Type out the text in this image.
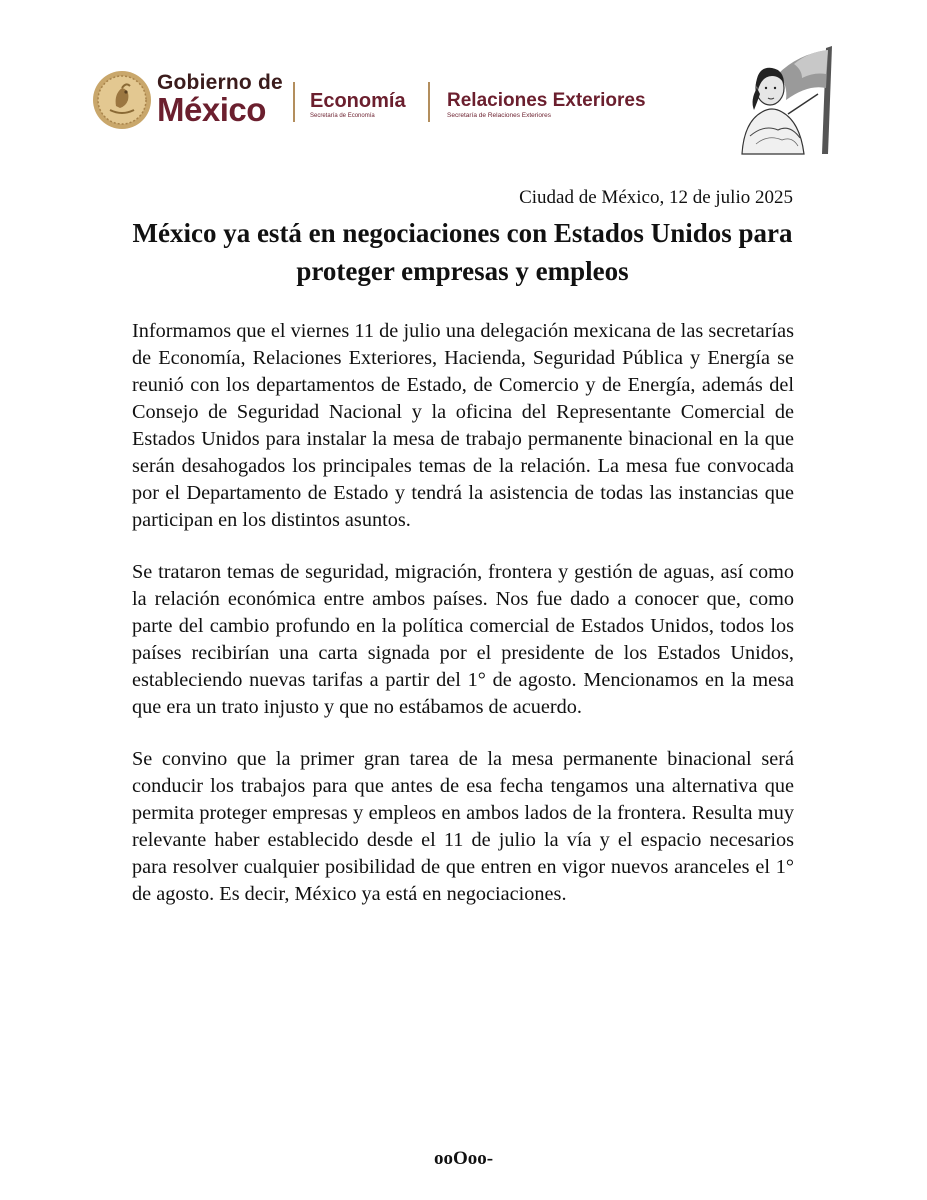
Gobierno de
México	Economía
Secretaría de Economía
Relaciones Exteriores
Secretaría de Relaciones Exteriores
Ciudad de México, 12 de julio 2025
México ya está en negociaciones con Estados Unidos para proteger empresas y empleos

Informamos que el viernes 11 de julio una delegación mexicana de las secretarías de Economía, Relaciones Exteriores, Hacienda, Seguridad Pública y Energía se reunió con los departamentos de Estado, de Comercio y de Energía, además del Consejo de Seguridad Nacional y la oficina del Representante Comercial de Estados Unidos para instalar la mesa de trabajo permanente binacional en la que serán desahogados los principales temas de la relación. La mesa fue convocada por el Departamento de Estado y tendrá la asistencia de todas las instancias que participan en los distintos asuntos.

Se trataron temas de seguridad, migración, frontera y gestión de aguas, así como la relación económica entre ambos países. Nos fue dado a conocer que, como parte del cambio profundo en la política comercial de Estados Unidos, todos los países recibirían una carta signada por el presidente de los Estados Unidos, estableciendo nuevas tarifas a partir del 1° de agosto. Mencionamos en la mesa que era un trato injusto y que no estábamos de acuerdo.

Se convino que la primer gran tarea de la mesa permanente binacional será conducir los trabajos para que antes de esa fecha tengamos una alternativa que permita proteger empresas y empleos en ambos lados de la frontera. Resulta muy relevante haber establecido desde el 11 de julio la vía y el espacio necesarios para resolver cualquier posibilidad de que entren en vigor nuevos aranceles el 1° de agosto. Es decir, México ya está en negociaciones.

ooOoo-
